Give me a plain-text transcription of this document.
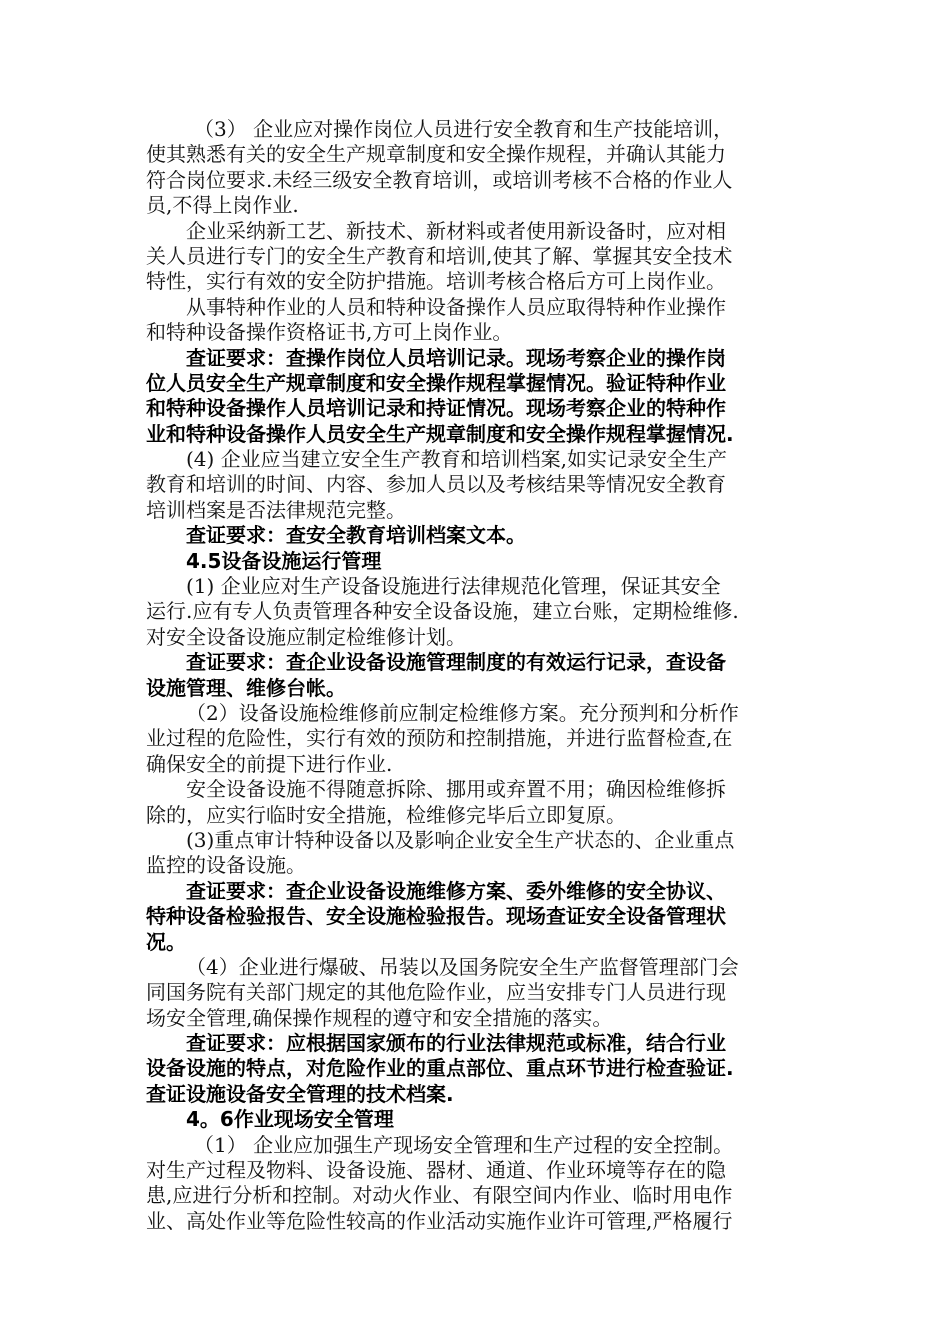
（3） 企业应对操作岗位人员进行安全教育和生产技能培训，
使其熟悉有关的安全生产规章制度和安全操作规程，并确认其能力
符合岗位要求.未经三级安全教育培训，或培训考核不合格的作业人
员,不得上岗作业.
企业采纳新工艺、新技术、新材料或者使用新设备时，应对相
关人员进行专门的安全生产教育和培训,使其了解、掌握其安全技术
特性，实行有效的安全防护措施。培训考核合格后方可上岗作业。
从事特种作业的人员和特种设备操作人员应取得特种作业操作
和特种设备操作资格证书,方可上岗作业。
查证要求：查操作岗位人员培训记录。现场考察企业的操作岗
位人员安全生产规章制度和安全操作规程掌握情况。验证特种作业
和特种设备操作人员培训记录和持证情况。现场考察企业的特种作
业和特种设备操作人员安全生产规章制度和安全操作规程掌握情况.
(4) 企业应当建立安全生产教育和培训档案,如实记录安全生产
教育和培训的时间、内容、参加人员以及考核结果等情况安全教育
培训档案是否法律规范完整。
查证要求：查安全教育培训档案文本。
4.5设备设施运行管理
(1) 企业应对生产设备设施进行法律规范化管理，保证其安全
运行.应有专人负责管理各种安全设备设施，建立台账，定期检维修.
对安全设备设施应制定检维修计划。
查证要求：查企业设备设施管理制度的有效运行记录，查设备
设施管理、维修台帐。
（2）设备设施检维修前应制定检维修方案。充分预判和分析作
业过程的危险性，实行有效的预防和控制措施，并进行监督检查,在
确保安全的前提下进行作业.
安全设备设施不得随意拆除、挪用或弃置不用；确因检维修拆
除的，应实行临时安全措施，检维修完毕后立即复原。
(3)重点审计特种设备以及影响企业安全生产状态的、企业重点
监控的设备设施。
查证要求：查企业设备设施维修方案、委外维修的安全协议、
特种设备检验报告、安全设施检验报告。现场查证安全设备管理状
况。
（4）企业进行爆破、吊装以及国务院安全生产监督管理部门会
同国务院有关部门规定的其他危险作业，应当安排专门人员进行现
场安全管理,确保操作规程的遵守和安全措施的落实。
查证要求：应根据国家颁布的行业法律规范或标准，结合行业
设备设施的特点，对危险作业的重点部位、重点环节进行检查验证.
查证设施设备安全管理的技术档案.
4。6作业现场安全管理
（1） 企业应加强生产现场安全管理和生产过程的安全控制。
对生产过程及物料、设备设施、器材、通道、作业环境等存在的隐
患,应进行分析和控制。对动火作业、有限空间内作业、临时用电作
业、高处作业等危险性较高的作业活动实施作业许可管理,严格履行
